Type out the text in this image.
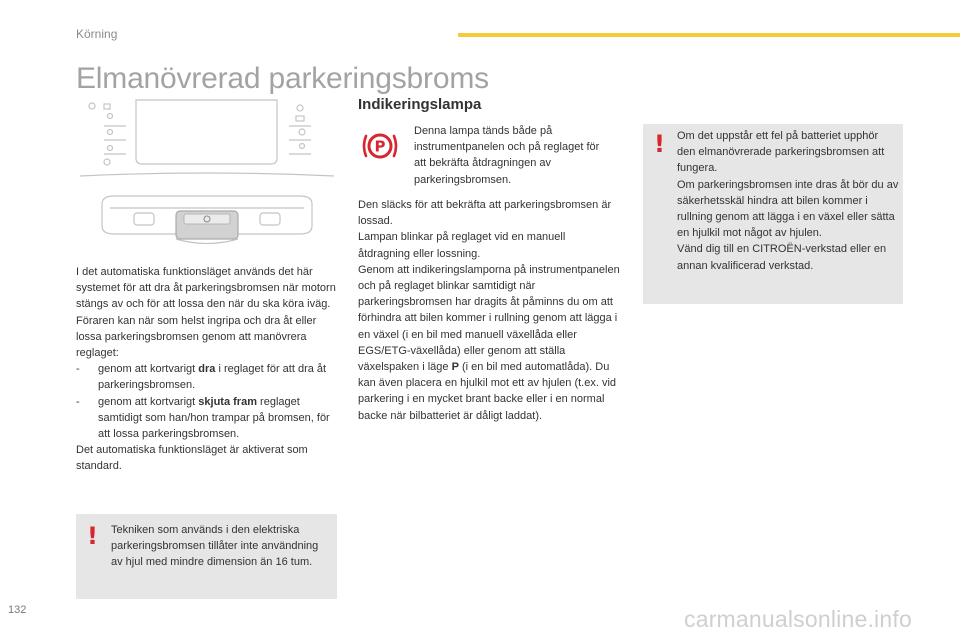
Körning
Elmanövrerad parkeringsbroms

I det automatiska funktionsläget används det här systemet för att dra åt parkeringsbromsen när motorn stängs av och för att lossa den när du ska köra iväg.

Föraren kan när som helst ingripa och dra åt eller lossa parkeringsbromsen genom att manövrera reglaget:

-	genom att kortvarigt dra i reglaget för att dra åt parkeringsbromsen.
-	genom att kortvarigt skjuta fram reglaget samtidigt som han/hon trampar på bromsen, för att lossa parkeringsbromsen.

Det automatiska funktionsläget är aktiverat som standard.

! Tekniken som används i den elektriska parkeringsbromsen tillåter inte användning av hjul med mindre dimension än 16 tum.
Indikeringslampa
P
Denna lampa tänds både på instrumentpanelen och på reglaget för att bekräfta åtdragningen av parkeringsbromsen.

Den släcks för att bekräfta att parkeringsbromsen är lossad.

Lampan blinkar på reglaget vid en manuell åtdragning eller lossning.

Genom att indikeringslamporna på instrumentpanelen och på reglaget blinkar samtidigt när parkeringsbromsen har dragits åt påminns du om att förhindra att bilen kommer i rullning genom att lägga i en växel (i en bil med manuell växellåda eller EGS/ETG-växellåda) eller genom att ställa växelspaken i läge P (i en bil med automatlåda). Du kan även placera en hjulkil mot ett av hjulen (t.ex. vid parkering i en mycket brant backe eller i en normal backe när bilbatteriet är dåligt laddat).

! Om det uppstår ett fel på batteriet upphör den elmanövrerade parkeringsbromsen att fungera.
Om parkeringsbromsen inte dras åt bör du av säkerhetsskäl hindra att bilen kommer i rullning genom att lägga i en växel eller sätta en hjulkil mot något av hjulen.
Vänd dig till en CITROËN-verkstad eller en annan kvalificerad verkstad.
132	carmanualsonline.info
